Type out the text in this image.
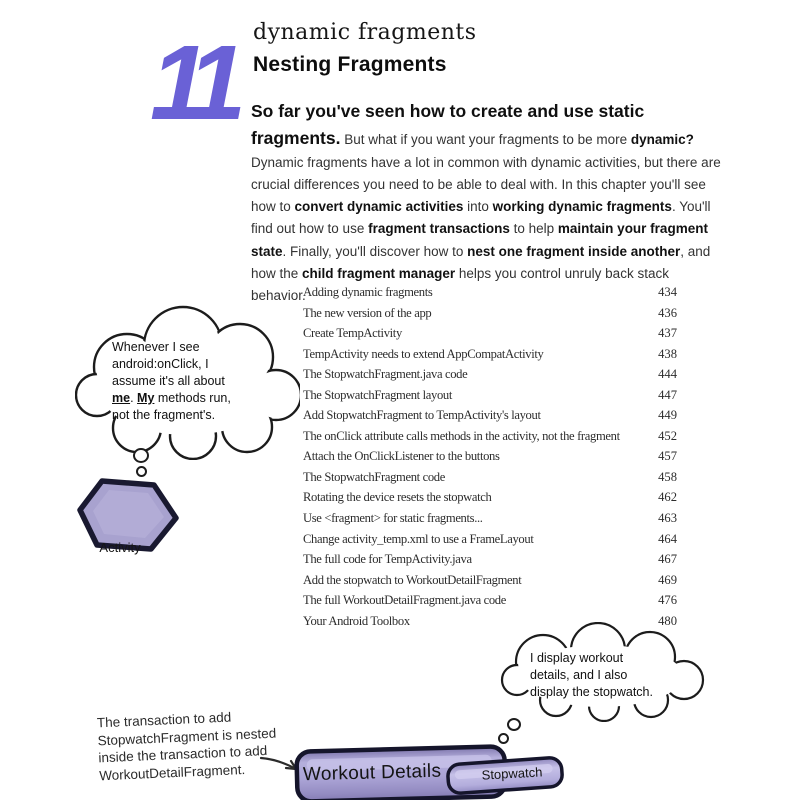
dynamic fragments
11 Nesting Fragments

So far you've seen how to create and use static fragments. But what if you want your fragments to be more dynamic? Dynamic fragments have a lot in common with dynamic activities, but there are crucial differences you need to be able to deal with. In this chapter you'll see how to convert dynamic activities into working dynamic fragments. You'll find out how to use fragment transactions to help maintain your fragment state. Finally, you'll discover how to nest one fragment inside another, and how the child fragment manager helps you control unruly back stack behavior.

Adding dynamic fragments	434
The new version of the app	436
Create TempActivity	437
TempActivity needs to extend AppCompatActivity	438
The StopwatchFragment.java code	444
The StopwatchFragment layout	447
Add StopwatchFragment to TempActivity's layout	449
The onClick attribute calls methods in the activity, not the fragment	452
Attach the OnClickListener to the buttons	457
The StopwatchFragment code	458
Rotating the device resets the stopwatch	462
Use <fragment> for static fragments...	463
Change activity_temp.xml to use a FrameLayout	464
The full code for TempActivity.java	467
Add the stopwatch to WorkoutDetailFragment	469
The full WorkoutDetailFragment.java code	476
Your Android Toolbox	480
Whenever I see
android:onClick, I
assume it's all about
me. My methods run,
not the fragment's.
Activity
I display workout
details, and I also
display the stopwatch.
The transaction to add
StopwatchFragment is nested
inside the transaction to add
WorkoutDetailFragment.	Workout Details	Stopwatch
